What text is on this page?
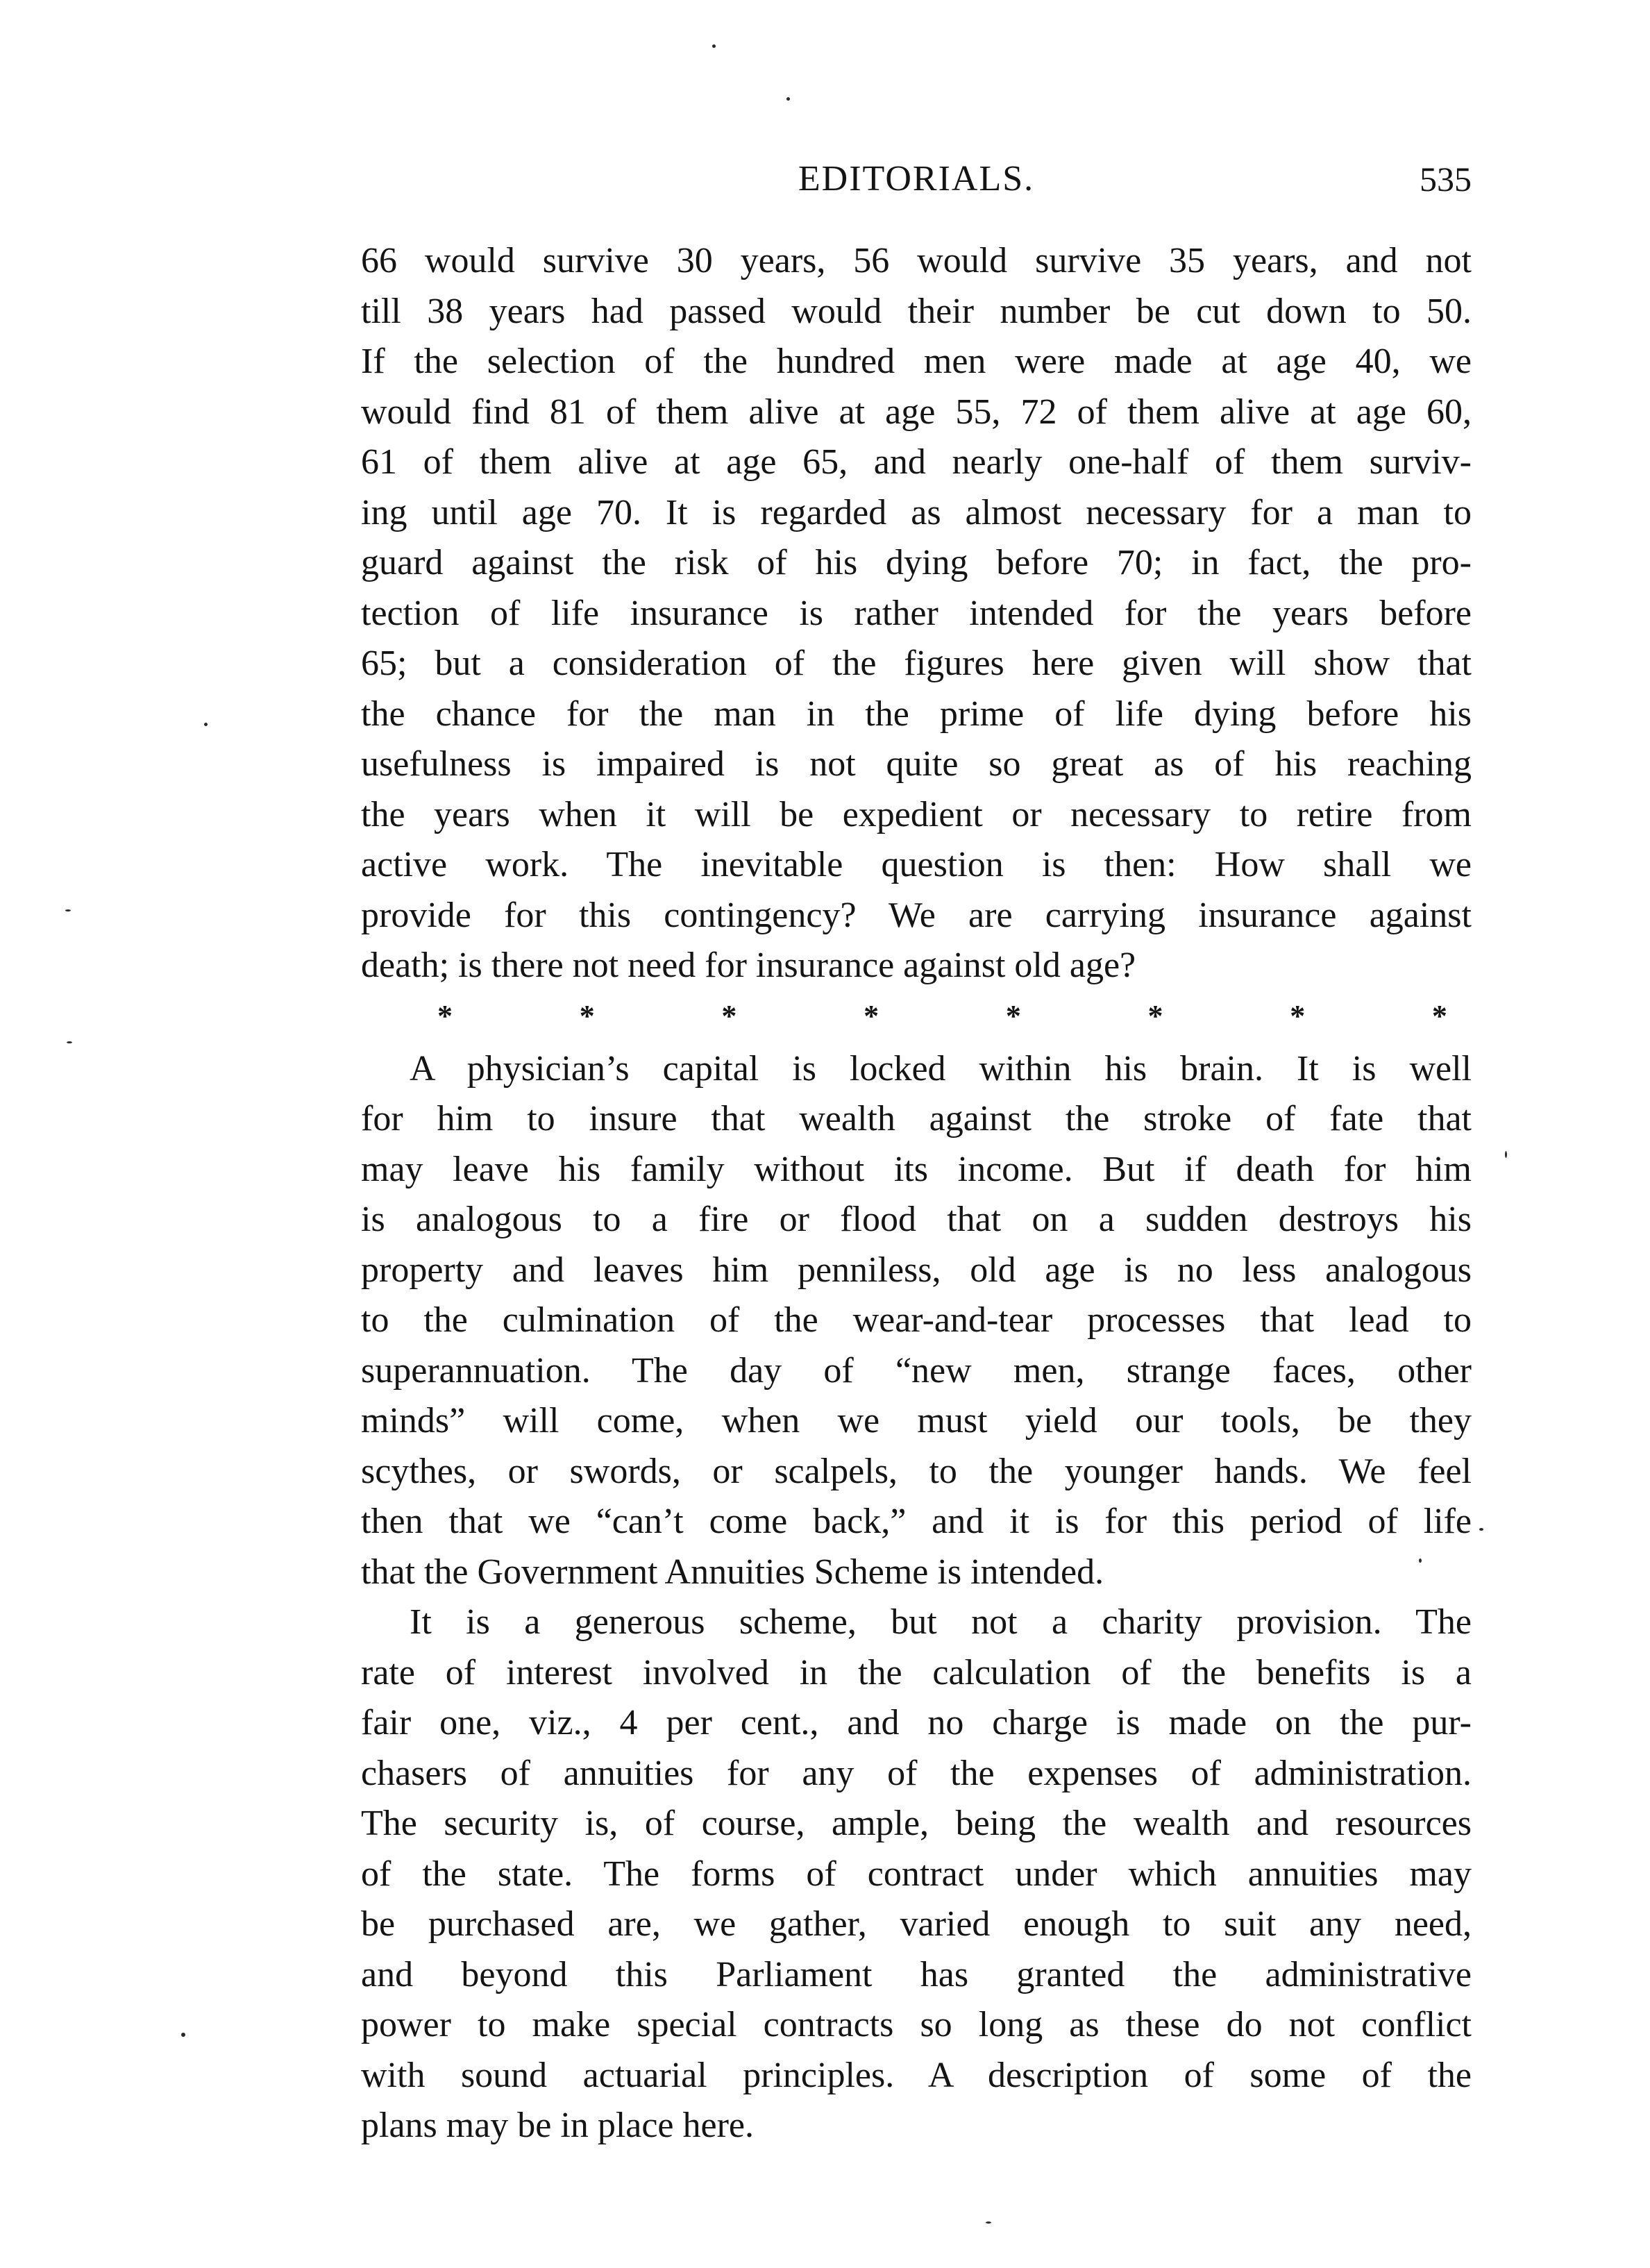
EDITORIALS.	535
66 would survive 30 years, 56 would survive 35 years, and not
till 38 years had passed would their number be cut down to 50.
If the selection of the hundred men were made at age 40, we
would find 81 of them alive at age 55, 72 of them alive at age 60,
61 of them alive at age 65, and nearly one-half of them surviv-
ing until age 70. It is regarded as almost necessary for a man to
guard against the risk of his dying before 70; in fact, the pro-
tection of life insurance is rather intended for the years before
65; but a consideration of the figures here given will show that
the chance for the man in the prime of life dying before his
usefulness is impaired is not quite so great as of his reaching
the years when it will be expedient or necessary to retire from
active work. The inevitable question is then: How shall we
provide for this contingency? We are carrying insurance against
death; is there not need for insurance against old age?
*	*	*	*	*	*	*	*
A physician’s capital is locked within his brain. It is well
for him to insure that wealth against the stroke of fate that
may leave his family without its income. But if death for him
is analogous to a fire or flood that on a sudden destroys his
property and leaves him penniless, old age is no less analogous
to the culmination of the wear-and-tear processes that lead to
superannuation. The day of “new men, strange faces, other
minds” will come, when we must yield our tools, be they
scythes, or swords, or scalpels, to the younger hands. We feel
then that we “can’t come back,” and it is for this period of life
that the Government Annuities Scheme is intended.
It is a generous scheme, but not a charity provision. The
rate of interest involved in the calculation of the benefits is a
fair one, viz., 4 per cent., and no charge is made on the pur-
chasers of annuities for any of the expenses of administration.
The security is, of course, ample, being the wealth and resources
of the state. The forms of contract under which annuities may
be purchased are, we gather, varied enough to suit any need,
and beyond this Parliament has granted the administrative
power to make special contracts so long as these do not conflict
with sound actuarial principles. A description of some of the
plans may be in place here.
